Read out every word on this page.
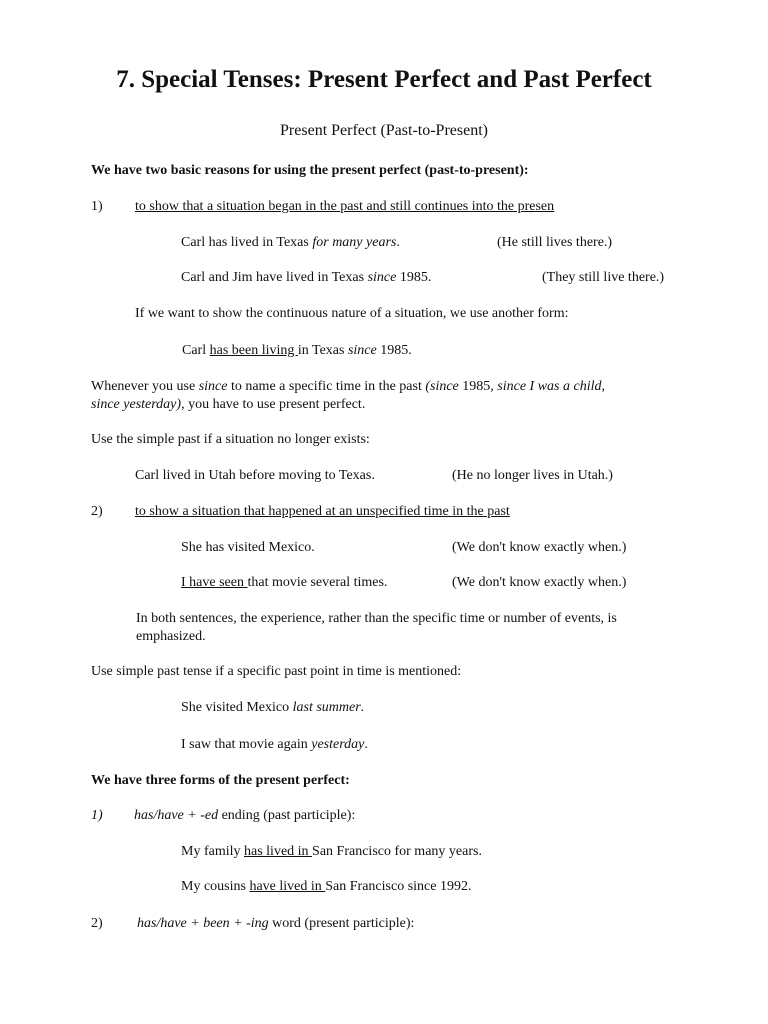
7. Special Tenses: Present Perfect and Past Perfect
Present Perfect (Past-to-Present)
We have two basic reasons for using the present perfect (past-to-present):
1) to show that a situation began in the past and still continues into the presen
Carl has lived in Texas for many years.	(He still lives there.)
Carl and Jim have lived in Texas since 1985.	(They still live there.)
If we want to show the continuous nature of a situation, we use another form:
Carl has been living in Texas since 1985.
Whenever you use since to name a specific time in the past (since 1985, since I was a child,
since yesterday), you have to use present perfect.
Use the simple past if a situation no longer exists:
Carl lived in Utah before moving to Texas.	(He no longer lives in Utah.)
2) to show a situation that happened at an unspecified time in the past
She has visited Mexico.	(We don't know exactly when.)
I have seen that movie several times.	(We don't know exactly when.)
In both sentences, the experience, rather than the specific time or number of events, is
emphasized.
Use simple past tense if a specific past point in time is mentioned:
She visited Mexico last summer.
I saw that movie again yesterday.
We have three forms of the present perfect:
1) has/have + -ed ending (past participle):
My family has lived in San Francisco for many years.
My cousins have lived in San Francisco since 1992.
2) has/have + been + -ing word (present participle):
